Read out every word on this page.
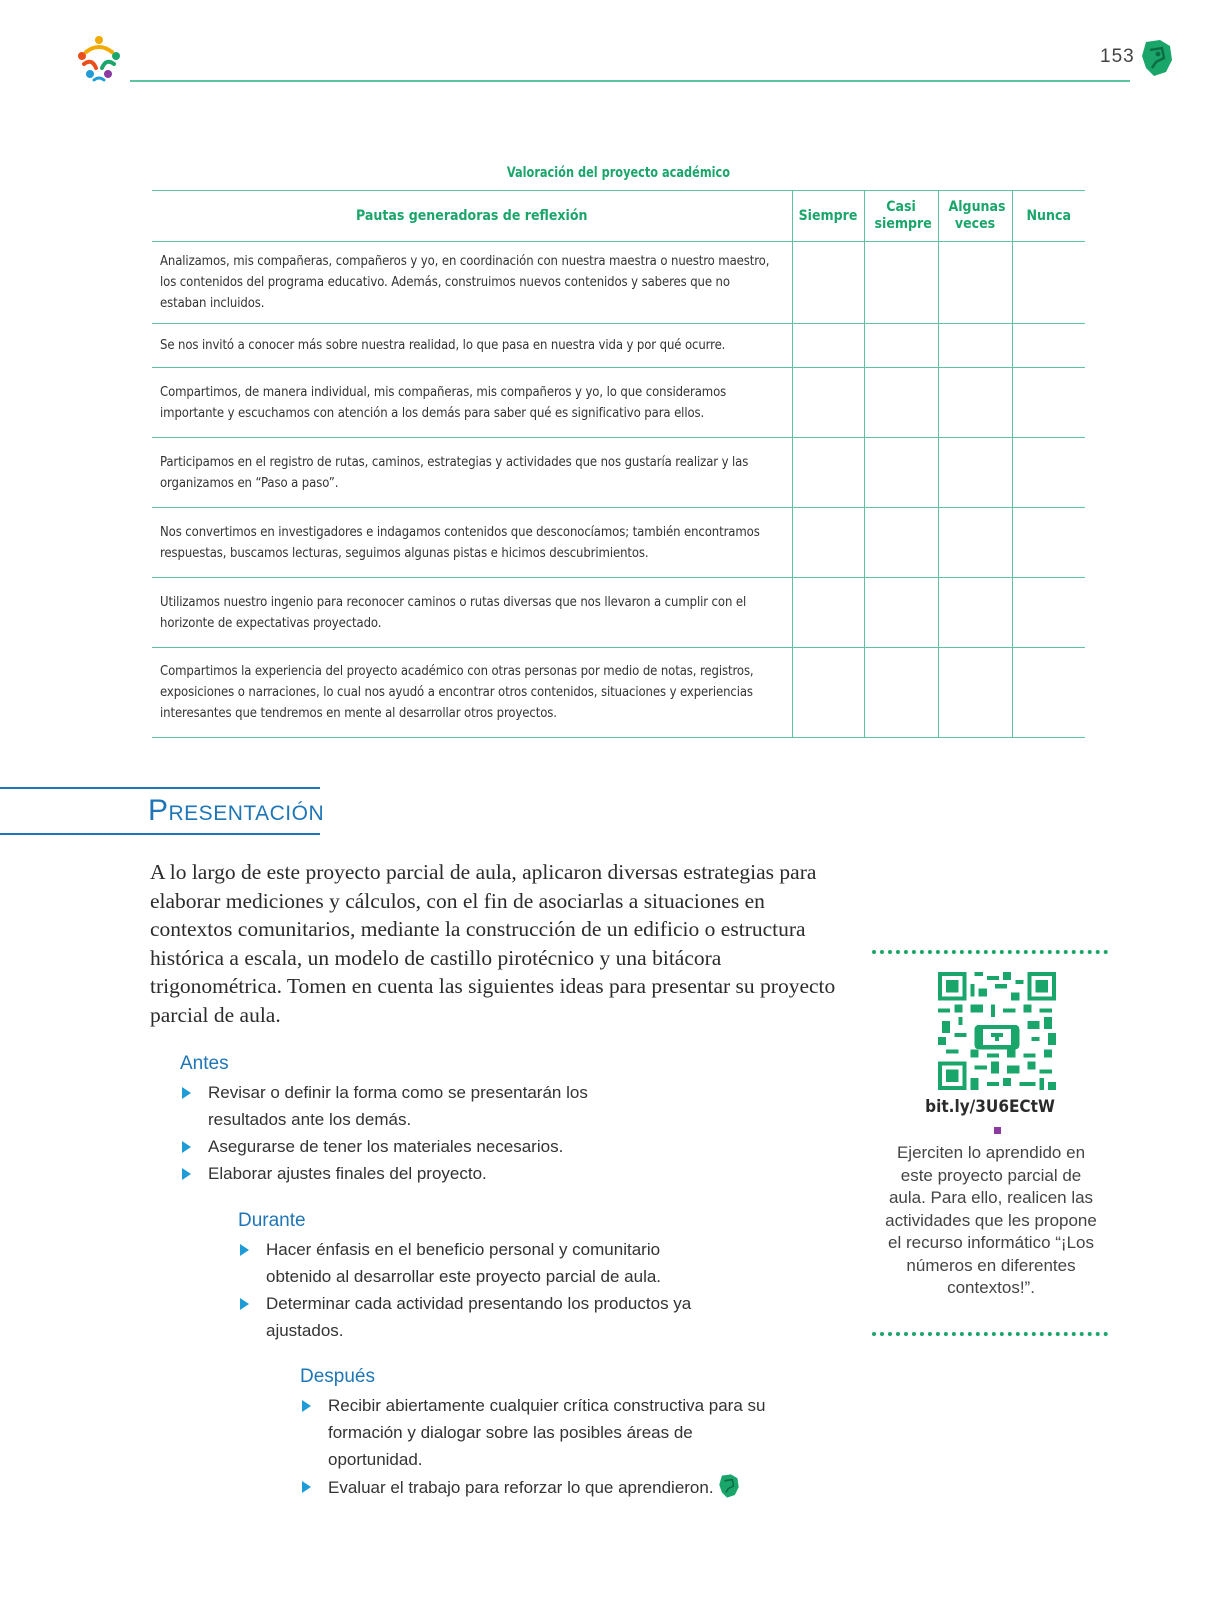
153
Valoración del proyecto académico
Pautas generadoras de reflexión	Siempre	Casi siempre	Algunas veces	Nunca
Analizamos, mis compañeras, compañeros y yo, en coordinación con nuestra maestra o nuestro maestro, los contenidos del programa educativo. Además, construimos nuevos contenidos y saberes que no estaban incluidos.				
Se nos invitó a conocer más sobre nuestra realidad, lo que pasa en nuestra vida y por qué ocurre.				
Compartimos, de manera individual, mis compañeras, mis compañeros y yo, lo que consideramos importante y escuchamos con atención a los demás para saber qué es significativo para ellos.				
Participamos en el registro de rutas, caminos, estrategias y actividades que nos gustaría realizar y las organizamos en “Paso a paso”.				
Nos convertimos en investigadores e indagamos contenidos que desconocíamos; también encontramos respuestas, buscamos lecturas, seguimos algunas pistas e hicimos descubrimientos.				
Utilizamos nuestro ingenio para reconocer caminos o rutas diversas que nos llevaron a cumplir con el horizonte de expectativas proyectado.				
Compartimos la experiencia del proyecto académico con otras personas por medio de notas, registros, exposiciones o narraciones, lo cual nos ayudó a encontrar otros contenidos, situaciones y experiencias interesantes que tendremos en mente al desarrollar otros proyectos.				
Presentación

A lo largo de este proyecto parcial de aula, aplicaron diversas estrategias para elaborar mediciones y cálculos, con el fin de asociarlas a situaciones en contextos comunitarios, mediante la construcción de un edificio o estructura histórica a escala, un modelo de castillo pirotécnico y una bitácora trigonométrica. Tomen en cuenta las siguientes ideas para presentar su proyecto parcial de aula.

Antes
Revisar o definir la forma como se presentarán los resultados ante los demás.
Asegurarse de tener los materiales necesarios.
Elaborar ajustes finales del proyecto.
Durante
Hacer énfasis en el beneficio personal y comunitario obtenido al desarrollar este proyecto parcial de aula.
Determinar cada actividad presentando los productos ya ajustados.
Después
Recibir abiertamente cualquier crítica constructiva para su formación y dialogar sobre las posibles áreas de oportunidad.
Evaluar el trabajo para reforzar lo que aprendieron.
bit.ly/3U6ECtW
Ejerciten lo aprendido en este proyecto parcial de aula. Para ello, realicen las actividades que les propone el recurso informático “¡Los números en diferentes contextos!”.
